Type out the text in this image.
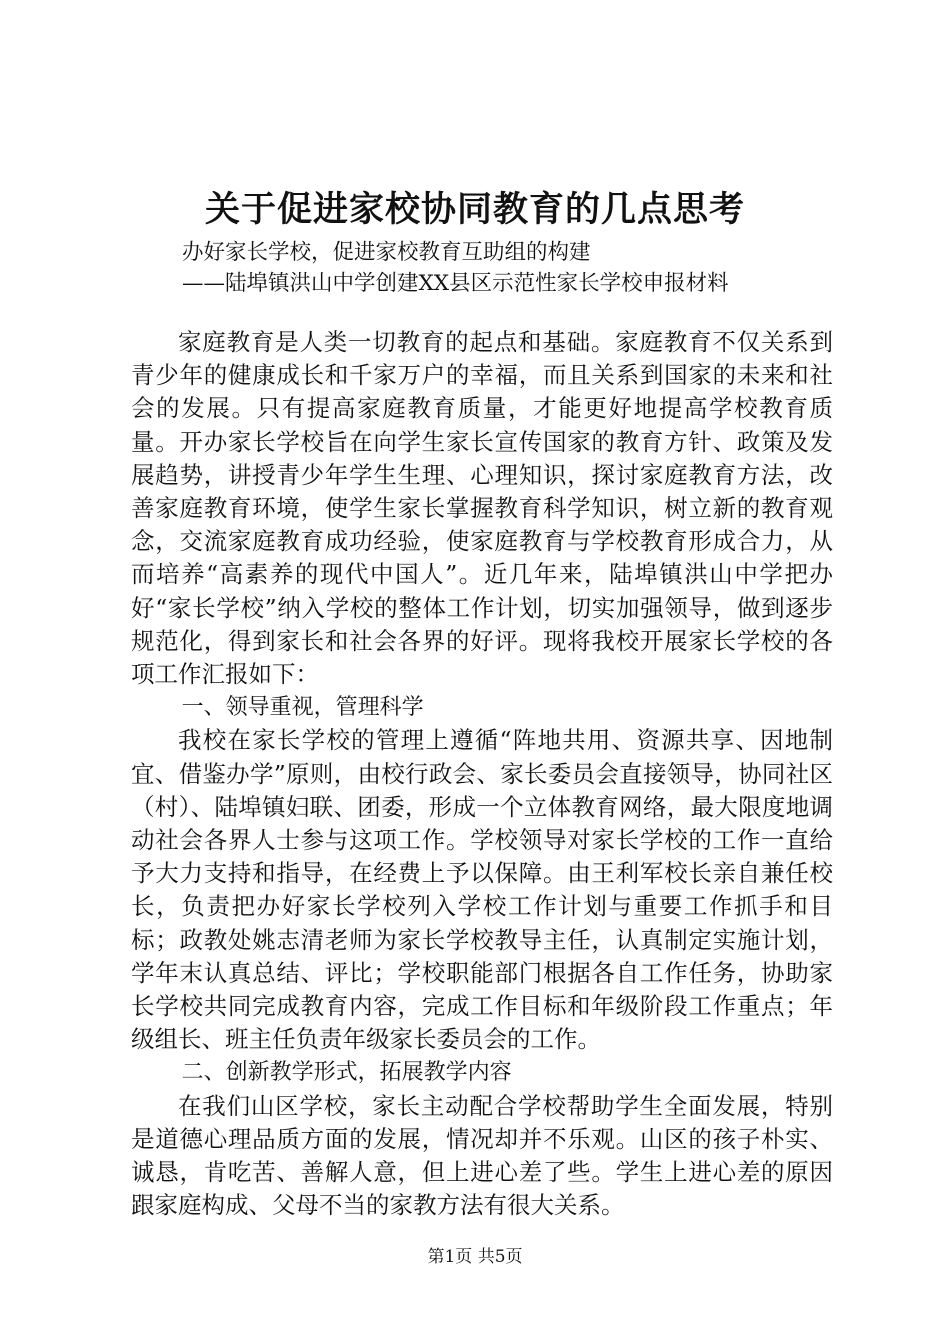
关于促进家校协同教育的几点思考

办好家长学校，促进家校教育互助组的构建

——陆埠镇洪山中学创建XX县区示范性家长学校申报材料

家庭教育是人类一切教育的起点和基础。家庭教育不仅关系到青少年的健康成长和千家万户的幸福，而且关系到国家的未来和社会的发展。只有提高家庭教育质量，才能更好地提高学校教育质量。开办家长学校旨在向学生家长宣传国家的教育方针、政策及发展趋势，讲授青少年学生生理、心理知识，探讨家庭教育方法，改善家庭教育环境，使学生家长掌握教育科学知识，树立新的教育观念，交流家庭教育成功经验，使家庭教育与学校教育形成合力，从而培养“高素养的现代中国人”。近几年来，陆埠镇洪山中学把办好“家长学校”纳入学校的整体工作计划，切实加强领导，做到逐步规范化，得到家长和社会各界的好评。现将我校开展家长学校的各项工作汇报如下：

一、领导重视，管理科学

我校在家长学校的管理上遵循“阵地共用、资源共享、因地制宜、借鉴办学”原则，由校行政会、家长委员会直接领导，协同社区（村）、陆埠镇妇联、团委，形成一个立体教育网络，最大限度地调动社会各界人士参与这项工作。学校领导对家长学校的工作一直给予大力支持和指导，在经费上予以保障。由王利军校长亲自兼任校长，负责把办好家长学校列入学校工作计划与重要工作抓手和目标；政教处姚志清老师为家长学校教导主任，认真制定实施计划，学年末认真总结、评比；学校职能部门根据各自工作任务，协助家长学校共同完成教育内容，完成工作目标和年级阶段工作重点；年级组长、班主任负责年级家长委员会的工作。

二、创新教学形式，拓展教学内容

在我们山区学校，家长主动配合学校帮助学生全面发展，特别是道德心理品质方面的发展，情况却并不乐观。山区的孩子朴实、诚恳，肯吃苦、善解人意，但上进心差了些。学生上进心差的原因跟家庭构成、父母不当的家教方法有很大关系。

第1页 共5页
